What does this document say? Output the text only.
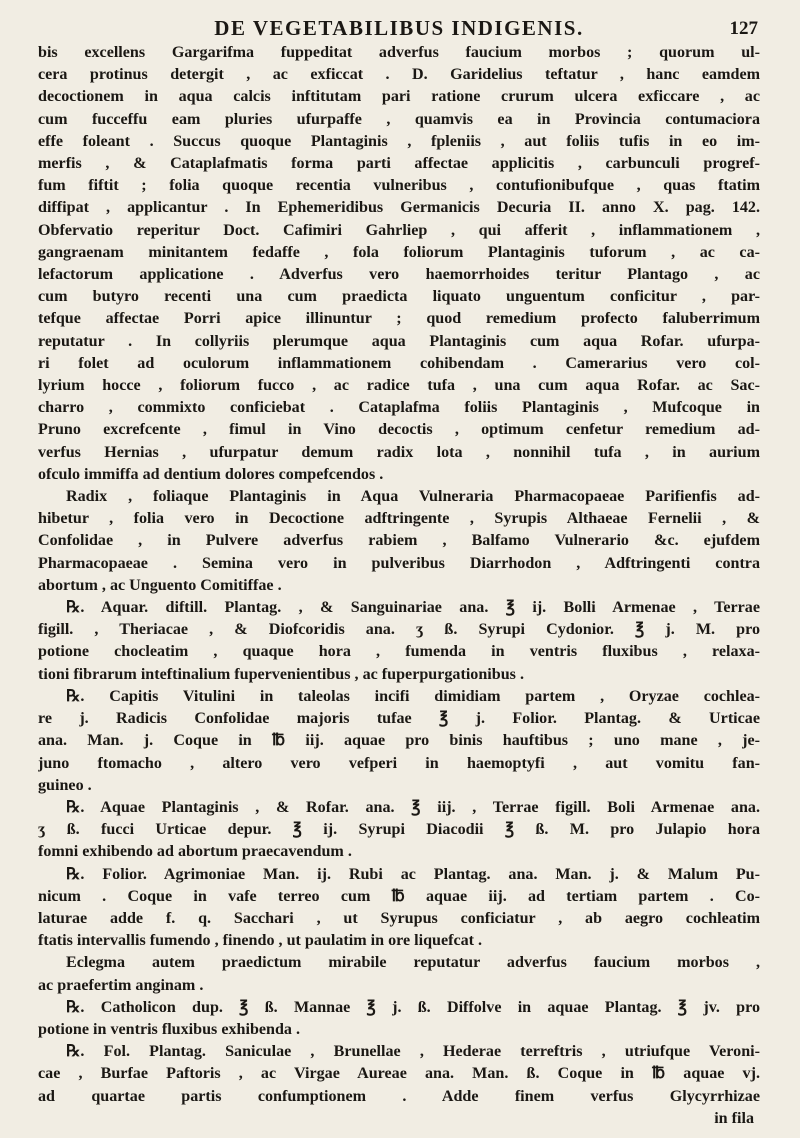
DE VEGETABILIBUS INDIGENIS.	127
bis excellens Gargarifma fuppeditat adverfus faucium morbos ; quorum ul-
cera protinus detergit , ac exficcat . D. Garidelius teftatur , hanc eamdem
decoctionem in aqua calcis inftitutam pari ratione crurum ulcera exficcare , ac
cum fucceffu eam pluries ufurpaffe , quamvis ea in Provincia contumaciora
effe foleant . Succus quoque Plantaginis , fpleniis , aut foliis tufis in eo im-
merfis , & Cataplafmatis forma parti affectae applicitis , carbunculi progref-
fum fiftit ; folia quoque recentia vulneribus , contufionibufque , quas ftatim
diffipat , applicantur . In Ephemeridibus Germanicis Decuria II. anno X. pag. 142.
Obfervatio reperitur Doct. Cafimiri Gahrliep , qui afferit , inflammationem ,
gangraenam minitantem fedaffe , fola foliorum Plantaginis tuforum , ac ca-
lefactorum applicatione . Adverfus vero haemorrhoides teritur Plantago , ac
cum butyro recenti una cum praedicta liquato unguentum conficitur , par-
tefque affectae Porri apice illinuntur ; quod remedium profecto faluberrimum
reputatur . In collyriis plerumque aqua Plantaginis cum aqua Rofar. ufurpa-
ri folet ad oculorum inflammationem cohibendam . Camerarius vero col-
lyrium hocce , foliorum fucco , ac radice tufa , una cum aqua Rofar. ac Sac-
charro , commixto conficiebat . Cataplafma foliis Plantaginis , Mufcoque in
Pruno excrefcente , fimul in Vino decoctis , optimum cenfetur remedium ad-
verfus Hernias , ufurpatur demum radix lota , nonnihil tufa , in aurium
ofculo immiffa ad dentium dolores compefcendos .
Radix , foliaque Plantaginis in Aqua Vulneraria Pharmacopaeae Parifienfis ad-
hibetur , folia vero in Decoctione adftringente , Syrupis Althaeae Fernelii , &
Confolidae , in Pulvere adverfus rabiem , Balfamo Vulnerario &c. ejufdem
Pharmacopaeae . Semina vero in pulveribus Diarrhodon , Adftringenti contra
abortum , ac Unguento Comitiffae .
℞. Aquar. diftill. Plantag. , & Sanguinariae ana. ℥ ij. Bolli Armenae , Terrae
figill. , Theriacae , & Diofcoridis ana. ʒ ß. Syrupi Cydonior. ℥ j. M. pro
potione chocleatim , quaque hora , fumenda in ventris fluxibus , relaxa-
tioni fibrarum inteftinalium fupervenientibus , ac fuperpurgationibus .
℞. Capitis Vitulini in taleolas incifi dimidiam partem , Oryzae cochlea-
re j. Radicis Confolidae majoris tufae ℥ j. Folior. Plantag. & Urticae
ana. Man. j. Coque in ℔ iij. aquae pro binis hauftibus ; uno mane , je-
juno ftomacho , altero vero vefperi in haemoptyfi , aut vomitu fan-
guineo .
℞. Aquae Plantaginis , & Rofar. ana. ℥ iij. , Terrae figill. Boli Armenae ana.
ʒ ß. fucci Urticae depur. ℥ ij. Syrupi Diacodii ℥ ß. M. pro Julapio hora
fomni exhibendo ad abortum praecavendum .
℞. Folior. Agrimoniae Man. ij. Rubi ac Plantag. ana. Man. j. & Malum Pu-
nicum . Coque in vafe terreo cum ℔ aquae iij. ad tertiam partem . Co-
laturae adde f. q. Sacchari , ut Syrupus conficiatur , ab aegro cochleatim
ftatis intervallis fumendo , finendo , ut paulatim in ore liquefcat .
Eclegma autem praedictum mirabile reputatur adverfus faucium morbos ,
ac praefertim anginam .
℞. Catholicon dup. ℥ ß. Mannae ℥ j. ß. Diffolve in aquae Plantag. ℥ jv. pro
potione in ventris fluxibus exhibenda .
℞. Fol. Plantag. Saniculae , Brunellae , Hederae terreftris , utriufque Veroni-
cae , Burfae Paftoris , ac Virgae Aureae ana. Man. ß. Coque in ℔ aquae vj.
ad quartae partis confumptionem . Adde finem verfus Glycyrrhizae
in fila
